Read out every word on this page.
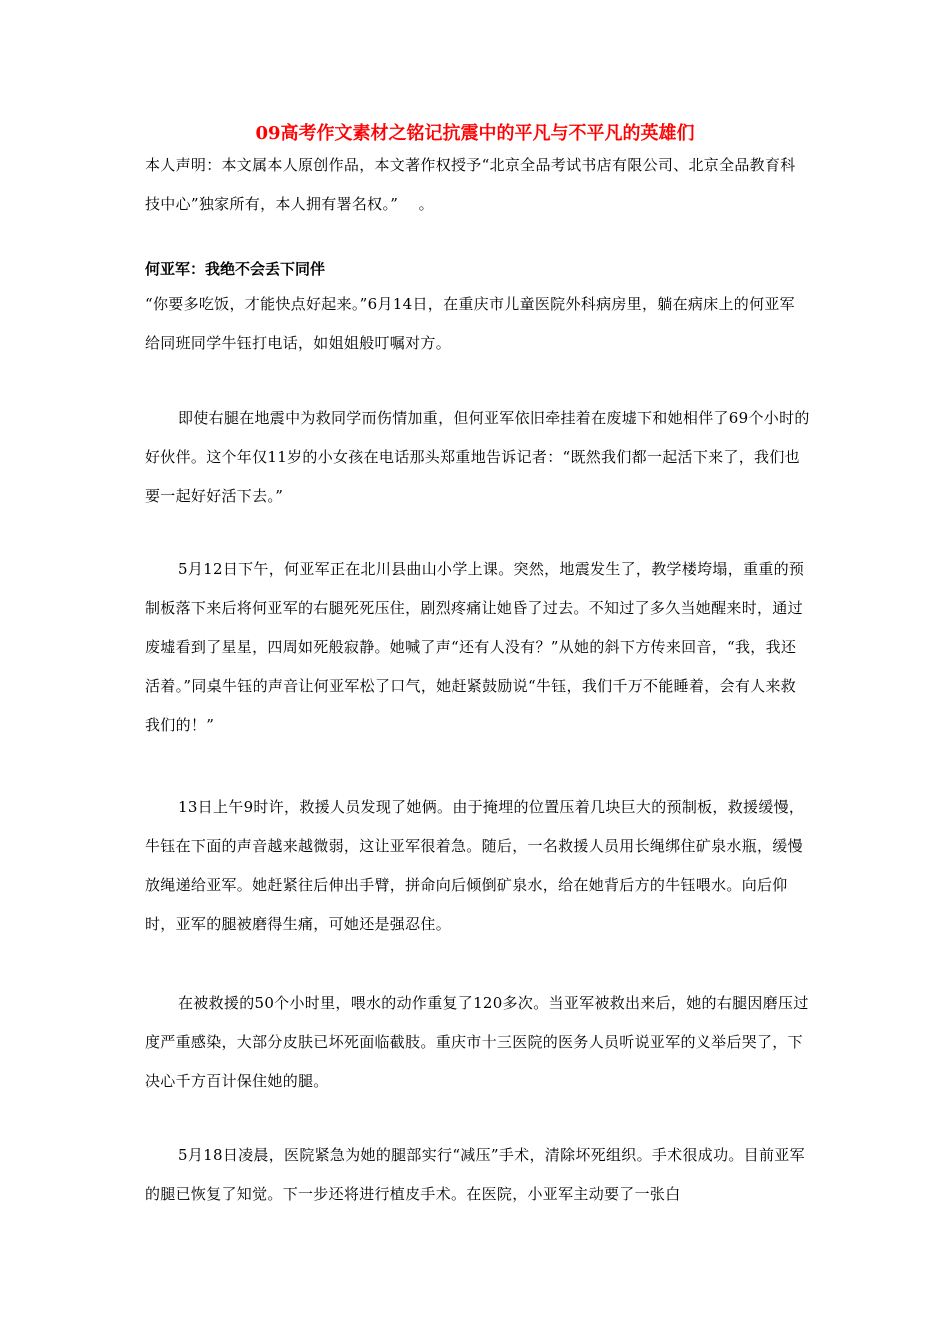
09高考作文素材之铭记抗震中的平凡与不平凡的英雄们
本人声明：本文属本人原创作品，本文著作权授予“北京全品考试书店有限公司、北京全品教育科技中心”独家所有，本人拥有署名权。”　 。
何亚军：我绝不会丢下同伴
“你要多吃饭，才能快点好起来。”6月14日，在重庆市儿童医院外科病房里，躺在病床上的何亚军给同班同学牛钰打电话，如姐姐般叮嘱对方。
即使右腿在地震中为救同学而伤情加重，但何亚军依旧牵挂着在废墟下和她相伴了69个小时的好伙伴。这个年仅11岁的小女孩在电话那头郑重地告诉记者：“既然我们都一起活下来了，我们也要一起好好活下去。”
5月12日下午，何亚军正在北川县曲山小学上课。突然，地震发生了，教学楼垮塌，重重的预制板落下来后将何亚军的右腿死死压住，剧烈疼痛让她昏了过去。不知过了多久当她醒来时，通过废墟看到了星星，四周如死般寂静。她喊了声“还有人没有？”从她的斜下方传来回音，“我，我还活着。”同桌牛钰的声音让何亚军松了口气，她赶紧鼓励说“牛钰，我们千万不能睡着，会有人来救我们的！”
13日上午9时许，救援人员发现了她俩。由于掩埋的位置压着几块巨大的预制板，救援缓慢，牛钰在下面的声音越来越微弱，这让亚军很着急。随后，一名救援人员用长绳绑住矿泉水瓶，缓慢放绳递给亚军。她赶紧往后伸出手臂，拼命向后倾倒矿泉水，给在她背后方的牛钰喂水。向后仰时，亚军的腿被磨得生痛，可她还是强忍住。
在被救援的50个小时里，喂水的动作重复了120多次。当亚军被救出来后，她的右腿因磨压过度严重感染，大部分皮肤已坏死面临截肢。重庆市十三医院的医务人员听说亚军的义举后哭了，下决心千方百计保住她的腿。
5月18日凌晨，医院紧急为她的腿部实行“减压”手术，清除坏死组织。手术很成功。目前亚军的腿已恢复了知觉。下一步还将进行植皮手术。在医院，小亚军主动要了一张白
